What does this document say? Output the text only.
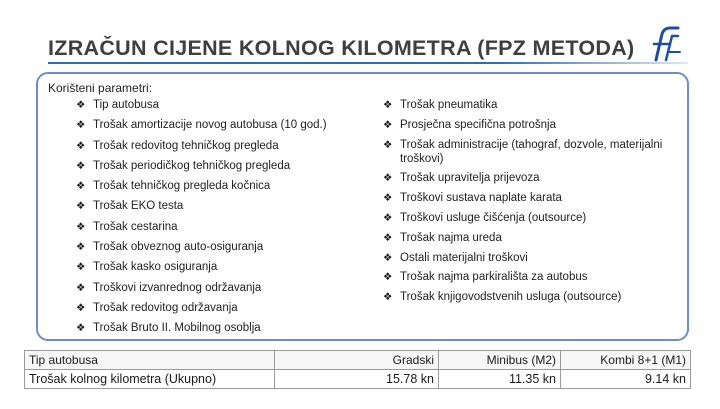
IZRAČUN CIJENE KOLNOG KILOMETRA (FPZ METODA)
Korišteni parametri:
❖ Tip autobusa
❖ Trošak amortizacije novog autobusa (10 god.)
❖ Trošak redovitog tehničkog pregleda
❖ Trošak periodičkog tehničkog pregleda
❖ Trošak tehničkog pregleda kočnica
❖ Trošak EKO testa
❖ Trošak cestarina
❖ Trošak obveznog auto-osiguranja
❖ Trošak kasko osiguranja
❖ Troškovi izvanrednog održavanja
❖ Trošak redovitog održavanja
❖ Trošak Bruto II. Mobilnog osoblja
❖ Trošak pneumatika
❖ Prosječna specifična potrošnja
❖ Trošak administracije (tahograf, dozvole, materijalni troškovi)
❖ Trošak upravitelja prijevoza
❖ Troškovi sustava naplate karata
❖ Troškovi usluge čišćenja (outsource)
❖ Trošak najma ureda
❖ Ostali materijalni troškovi
❖ Trošak najma parkirališta za autobus
❖ Trošak knjigovodstvenih usluga (outsource)
Tip autobusa	Gradski	Minibus (M2)	Kombi 8+1 (M1)
Trošak kolnog kilometra (Ukupno)	15.78 kn	11.35 kn	9.14 kn
